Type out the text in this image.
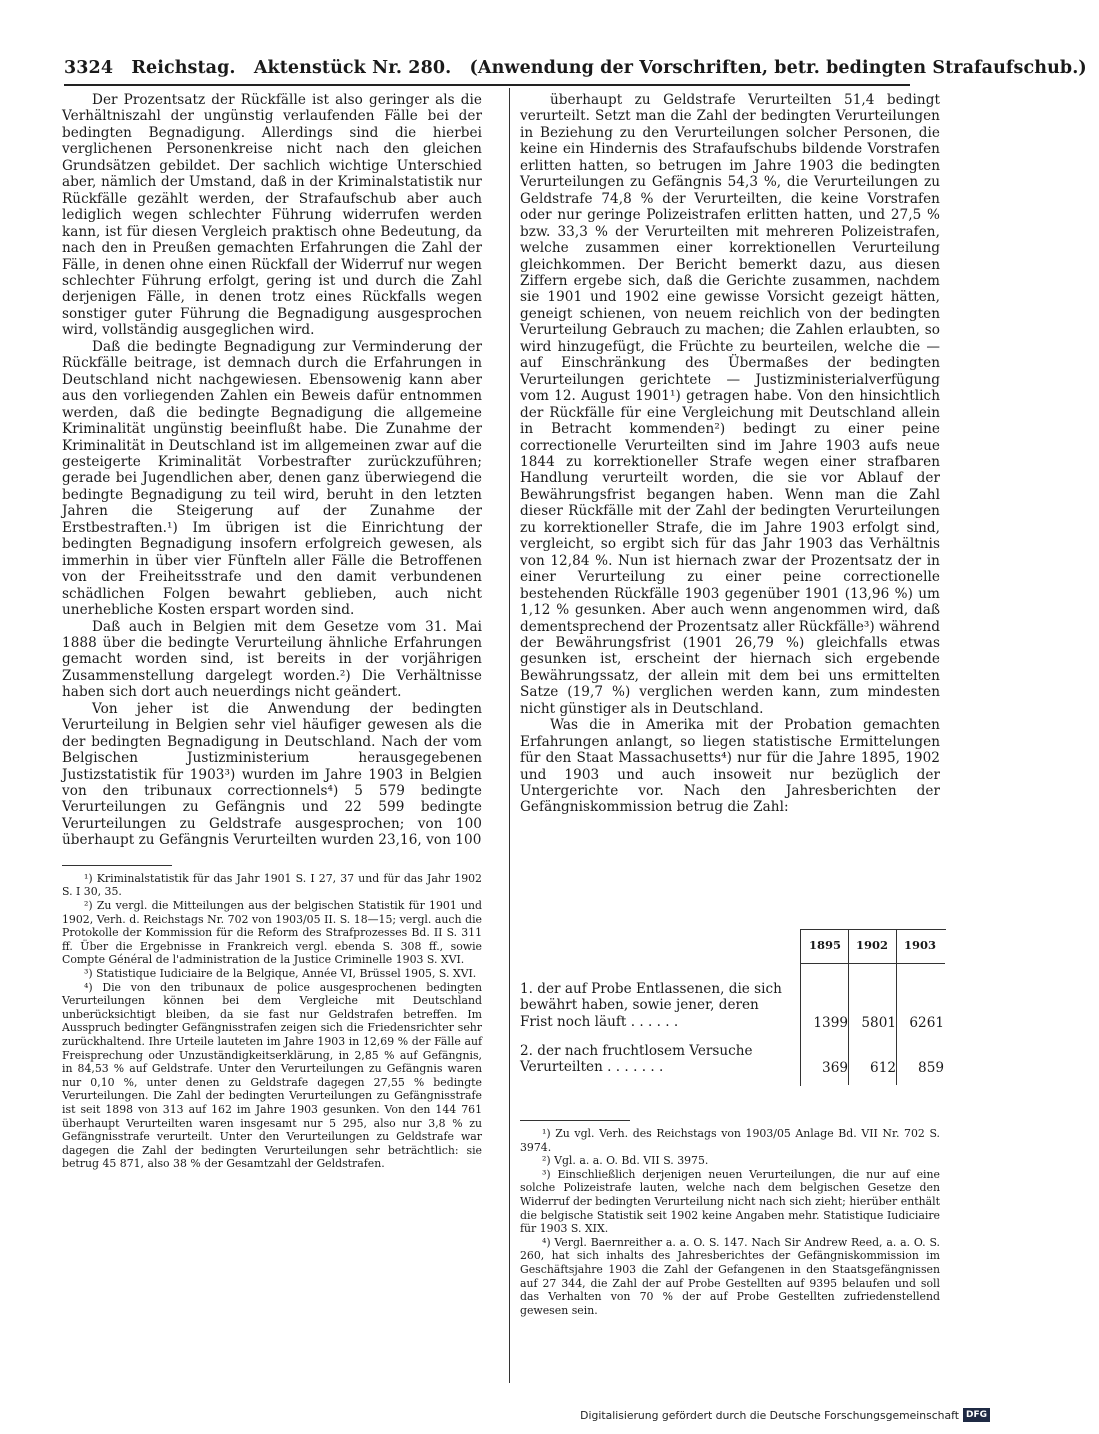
3324 Reichstag. Aktenstück Nr. 280. (Anwendung der Vorschriften, betr. bedingten Strafaufschub.)

Der Prozentsatz der Rückfälle ist also geringer als die Verhältniszahl der ungünstig verlaufenden Fälle bei der bedingten Begnadigung. Allerdings sind die hierbei verglichenen Personenkreise nicht nach den gleichen Grundsätzen gebildet. Der sachlich wichtige Unterschied aber, nämlich der Umstand, daß in der Kriminalstatistik nur Rückfälle gezählt werden, der Strafaufschub aber auch lediglich wegen schlechter Führung widerrufen werden kann, ist für diesen Vergleich praktisch ohne Bedeutung, da nach den in Preußen gemachten Erfahrungen die Zahl der Fälle, in denen ohne einen Rückfall der Widerruf nur wegen schlechter Führung erfolgt, gering ist und durch die Zahl derjenigen Fälle, in denen trotz eines Rückfalls wegen sonstiger guter Führung die Begnadigung ausgesprochen wird, vollständig ausgeglichen wird.

Daß die bedingte Begnadigung zur Verminderung der Rückfälle beitrage, ist demnach durch die Erfahrungen in Deutschland nicht nachgewiesen. Ebensowenig kann aber aus den vorliegenden Zahlen ein Beweis dafür entnommen werden, daß die bedingte Begnadigung die allgemeine Kriminalität ungünstig beeinflußt habe. Die Zunahme der Kriminalität in Deutschland ist im allgemeinen zwar auf die gesteigerte Kriminalität Vorbestrafter zurückzuführen; gerade bei Jugendlichen aber, denen ganz überwiegend die bedingte Begnadigung zu teil wird, beruht in den letzten Jahren die Steigerung auf der Zunahme der Erstbestraften.¹) Im übrigen ist die Einrichtung der bedingten Begnadigung insofern erfolgreich gewesen, als immerhin in über vier Fünfteln aller Fälle die Betroffenen von der Freiheitsstrafe und den damit verbundenen schädlichen Folgen bewahrt geblieben, auch nicht unerhebliche Kosten erspart worden sind.

Daß auch in Belgien mit dem Gesetze vom 31. Mai 1888 über die bedingte Verurteilung ähnliche Erfahrungen gemacht worden sind, ist bereits in der vorjährigen Zusammenstellung dargelegt worden.²) Die Verhältnisse haben sich dort auch neuerdings nicht geändert.

Von jeher ist die Anwendung der bedingten Verurteilung in Belgien sehr viel häufiger gewesen als die der bedingten Begnadigung in Deutschland. Nach der vom Belgischen Justizministerium herausgegebenen Justizstatistik für 1903³) wurden im Jahre 1903 in Belgien von den tribunaux correctionnels⁴) 5 579 bedingte Verurteilungen zu Gefängnis und 22 599 bedingte Verurteilungen zu Geldstrafe ausgesprochen; von 100 überhaupt zu Gefängnis Verurteilten wurden 23,16, von 100

¹) Kriminalstatistik für das Jahr 1901 S. I 27, 37 und für das Jahr 1902 S. I 30, 35.

²) Zu vergl. die Mitteilungen aus der belgischen Statistik für 1901 und 1902, Verh. d. Reichstags Nr. 702 von 1903/05 II. S. 18—15; vergl. auch die Protokolle der Kommission für die Reform des Strafprozesses Bd. II S. 311 ff. Über die Ergebnisse in Frankreich vergl. ebenda S. 308 ff., sowie Compte Général de l'administration de la Justice Criminelle 1903 S. XVI.

³) Statistique Iudiciaire de la Belgique, Année VI, Brüssel 1905, S. XVI.

⁴) Die von den tribunaux de police ausgesprochenen bedingten Verurteilungen können bei dem Vergleiche mit Deutschland unberücksichtigt bleiben, da sie fast nur Geldstrafen betreffen. Im Ausspruch bedingter Gefängnisstrafen zeigen sich die Friedensrichter sehr zurückhaltend. Ihre Urteile lauteten im Jahre 1903 in 12,69 % der Fälle auf Freisprechung oder Unzuständigkeitserklärung, in 2,85 % auf Gefängnis, in 84,53 % auf Geldstrafe. Unter den Verurteilungen zu Gefängnis waren nur 0,10 %, unter denen zu Geldstrafe dagegen 27,55 % bedingte Verurteilungen. Die Zahl der bedingten Verurteilungen zu Gefängnisstrafe ist seit 1898 von 313 auf 162 im Jahre 1903 gesunken. Von den 144 761 überhaupt Verurteilten waren insgesamt nur 5 295, also nur 3,8 % zu Gefängnisstrafe verurteilt. Unter den Verurteilungen zu Geldstrafe war dagegen die Zahl der bedingten Verurteilungen sehr beträchtlich: sie betrug 45 871, also 38 % der Gesamtzahl der Geldstrafen.

überhaupt zu Geldstrafe Verurteilten 51,4 bedingt verurteilt. Setzt man die Zahl der bedingten Verurteilungen in Beziehung zu den Verurteilungen solcher Personen, die keine ein Hindernis des Strafaufschubs bildende Vorstrafen erlitten hatten, so betrugen im Jahre 1903 die bedingten Verurteilungen zu Gefängnis 54,3 %, die Verurteilungen zu Geldstrafe 74,8 % der Verurteilten, die keine Vorstrafen oder nur geringe Polizeistrafen erlitten hatten, und 27,5 % bzw. 33,3 % der Verurteilten mit mehreren Polizeistrafen, welche zusammen einer korrektionellen Verurteilung gleichkommen. Der Bericht bemerkt dazu, aus diesen Ziffern ergebe sich, daß die Gerichte zusammen, nachdem sie 1901 und 1902 eine gewisse Vorsicht gezeigt hätten, geneigt schienen, von neuem reichlich von der bedingten Verurteilung Gebrauch zu machen; die Zahlen erlaubten, so wird hinzugefügt, die Früchte zu beurteilen, welche die — auf Einschränkung des Übermaßes der bedingten Verurteilungen gerichtete — Justizministerialverfügung vom 12. August 1901¹) getragen habe. Von den hinsichtlich der Rückfälle für eine Vergleichung mit Deutschland allein in Betracht kommenden²) bedingt zu einer peine correctionelle Verurteilten sind im Jahre 1903 aufs neue 1844 zu korrektioneller Strafe wegen einer strafbaren Handlung verurteilt worden, die sie vor Ablauf der Bewährungsfrist begangen haben. Wenn man die Zahl dieser Rückfälle mit der Zahl der bedingten Verurteilungen zu korrektioneller Strafe, die im Jahre 1903 erfolgt sind, vergleicht, so ergibt sich für das Jahr 1903 das Verhältnis von 12,84 %. Nun ist hiernach zwar der Prozentsatz der in einer Verurteilung zu einer peine correctionelle bestehenden Rückfälle 1903 gegenüber 1901 (13,96 %) um 1,12 % gesunken. Aber auch wenn angenommen wird, daß dementsprechend der Prozentsatz aller Rückfälle³) während der Bewährungsfrist (1901 26,79 %) gleichfalls etwas gesunken ist, erscheint der hiernach sich ergebende Bewährungssatz, der allein mit dem bei uns ermittelten Satze (19,7 %) verglichen werden kann, zum mindesten nicht günstiger als in Deutschland.

Was die in Amerika mit der Probation gemachten Erfahrungen anlangt, so liegen statistische Ermittelungen für den Staat Massachusetts⁴) nur für die Jahre 1895, 1902 und 1903 und auch insoweit nur bezüglich der Untergerichte vor. Nach den Jahresberichten der Gefängniskommission betrug die Zahl:

1895	1902	1903
1. der auf Probe Entlassenen, die sich bewährt haben, sowie jener, deren Frist noch läuft . . . . . .	1399 5801 6261
2. der nach fruchtlosem Versuche Verurteilten . . . . . . .	369	612	859

¹) Zu vgl. Verh. des Reichstags von 1903/05 Anlage Bd. VII Nr. 702 S. 3974.

²) Vgl. a. a. O. Bd. VII S. 3975.

³) Einschließlich derjenigen neuen Verurteilungen, die nur auf eine solche Polizeistrafe lauten, welche nach dem belgischen Gesetze den Widerruf der bedingten Verurteilung nicht nach sich zieht; hierüber enthält die belgische Statistik seit 1902 keine Angaben mehr. Statistique Iudiciaire für 1903 S. XIX.

⁴) Vergl. Baernreither a. a. O. S. 147. Nach Sir Andrew Reed, a. a. O. S. 260, hat sich inhalts des Jahresberichtes der Gefängniskommission im Geschäftsjahre 1903 die Zahl der Gefangenen in den Staatsgefängnissen auf 27 344, die Zahl der auf Probe Gestellten auf 9395 belaufen und soll das Verhalten von 70 % der auf Probe Gestellten zufriedenstellend gewesen sein.

Digitalisierung gefördert durch die Deutsche Forschungsgemeinschaft DFG
